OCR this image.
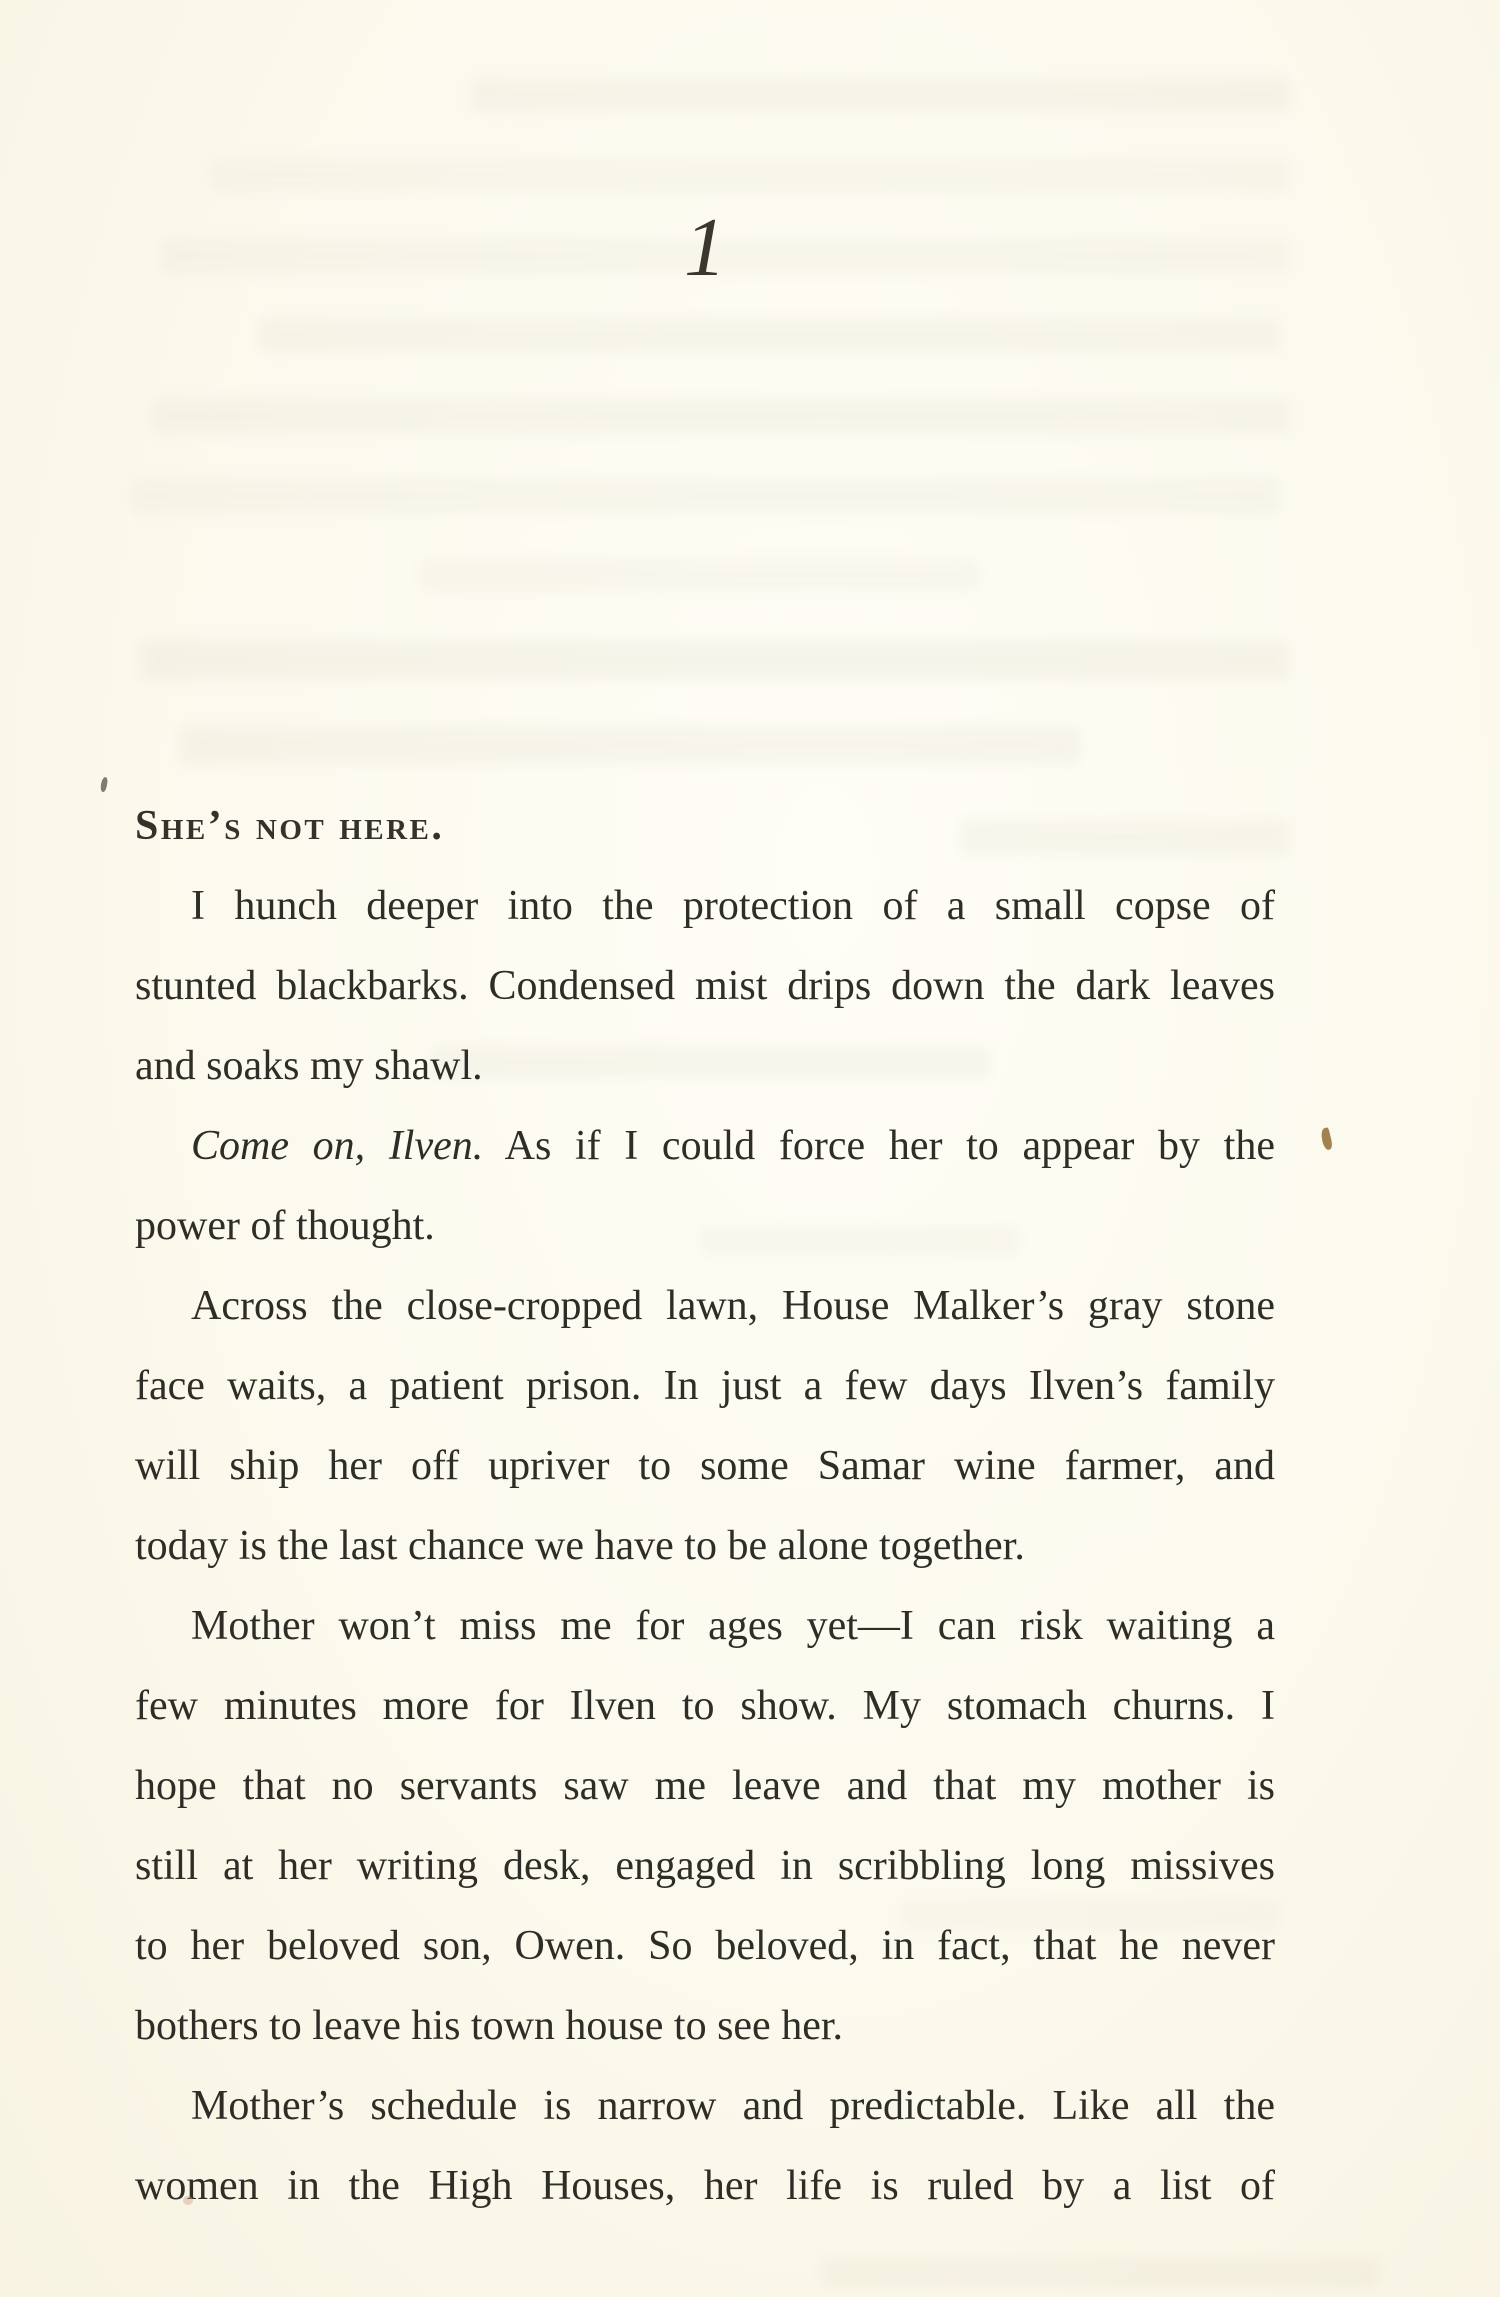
1
She’s not here.
I hunch deeper into the protection of a small copse of
stunted blackbarks. Condensed mist drips down the dark leaves
and soaks my shawl.
Come on, Ilven. As if I could force her to appear by the
power of thought.
Across the close-cropped lawn, House Malker’s gray stone
face waits, a patient prison. In just a few days Ilven’s family
will ship her off upriver to some Samar wine farmer, and
today is the last chance we have to be alone together.
Mother won’t miss me for ages yet—I can risk waiting a
few minutes more for Ilven to show. My stomach churns. I
hope that no servants saw me leave and that my mother is
still at her writing desk, engaged in scribbling long missives
to her beloved son, Owen. So beloved, in fact, that he never
bothers to leave his town house to see her.
Mother’s schedule is narrow and predictable. Like all the
women in the High Houses, her life is ruled by a list of
